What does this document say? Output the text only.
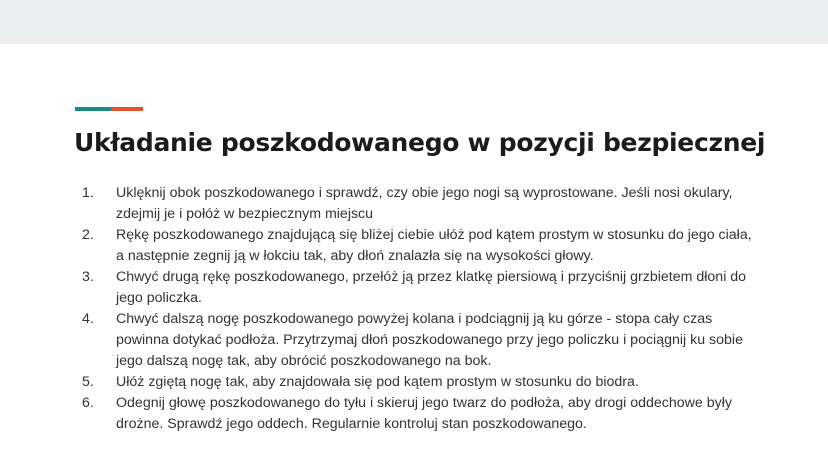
Układanie poszkodowanego w pozycji bezpiecznej
1.	Uklęknij obok poszkodowanego i sprawdź, czy obie jego nogi są wyprostowane. Jeśli nosi okulary, zdejmij je i połóż w bezpiecznym miejscu
2.	Rękę poszkodowanego znajdującą się bliżej ciebie ułóż pod kątem prostym w stosunku do jego ciała, a następnie zegnij ją w łokciu tak, aby dłoń znalazła się na wysokości głowy.
3.	Chwyć drugą rękę poszkodowanego, przełóż ją przez klatkę piersiową i przyciśnij grzbietem dłoni do jego policzka.
4.	Chwyć dalszą nogę poszkodowanego powyżej kolana i podciągnij ją ku górze - stopa cały czas powinna dotykać podłoża. Przytrzymaj dłoń poszkodowanego przy jego policzku i pociągnij ku sobie jego dalszą nogę tak, aby obrócić poszkodowanego na bok.
5.	Ułóż zgiętą nogę tak, aby znajdowała się pod kątem prostym w stosunku do biodra.
6.	Odegnij głowę poszkodowanego do tyłu i skieruj jego twarz do podłoża, aby drogi oddechowe były drożne. Sprawdź jego oddech. Regularnie kontroluj stan poszkodowanego.
